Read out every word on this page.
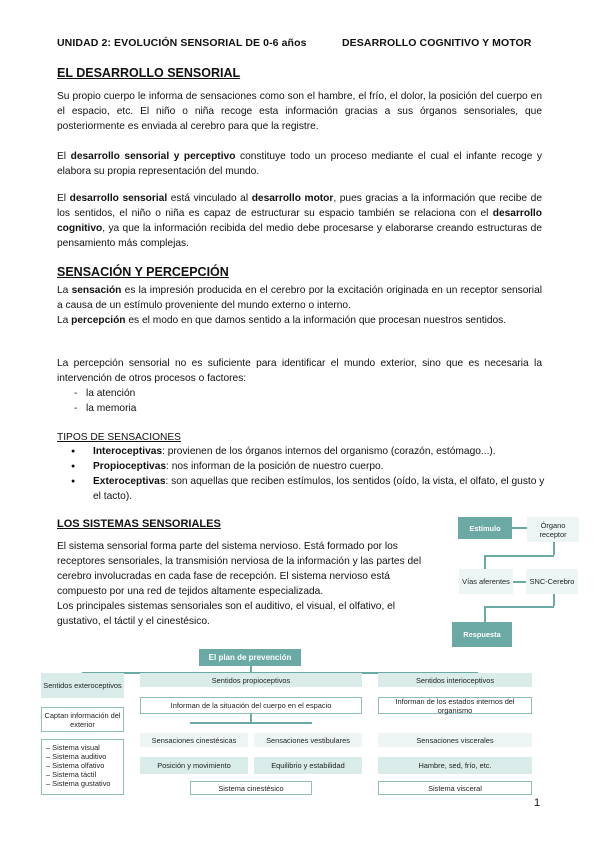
UNIDAD 2: EVOLUCIÓN SENSORIAL DE 0-6 años	DESARROLLO COGNITIVO Y MOTOR
EL DESARROLLO SENSORIAL
Su propio cuerpo le informa de sensaciones como son el hambre, el frío, el dolor, la posición del cuerpo en el espacio, etc. El niño o niña recoge esta información gracias a sus órganos sensoriales, que posteriormente es enviada al cerebro para que la registre.
El desarrollo sensorial y perceptivo constituye todo un proceso mediante el cual el infante recoge y elabora su propia representación del mundo.
El desarrollo sensorial está vinculado al desarrollo motor, pues gracias a la información que recibe de los sentidos, el niño o niña es capaz de estructurar su espacio también se relaciona con el desarrollo cognitivo, ya que la información recibida del medio debe procesarse y elaborarse creando estructuras de pensamiento más complejas.
SENSACIÓN Y PERCEPCIÓN
La sensación es la impresión producida en el cerebro por la excitación originada en un receptor sensorial a causa de un estímulo proveniente del mundo externo o interno.
La percepción es el modo en que damos sentido a la información que procesan nuestros sentidos.
La percepción sensorial no es suficiente para identificar el mundo exterior, sino que es necesaria la intervención de otros procesos o factores:
- la atención
- la memoria
TIPOS DE SENSACIONES
● Interoceptivas: provienen de los órganos internos del organismo (corazón, estómago...).
● Propioceptivas: nos informan de la posición de nuestro cuerpo.
● Exteroceptivas: son aquellas que reciben estímulos, los sentidos (oído, la vista, el olfato, el gusto y el tacto).
LOS SISTEMAS SENSORIALES
El sistema sensorial forma parte del sistema nervioso. Está formado por los receptores sensoriales, la transmisión nerviosa de la información y las partes del cerebro involucradas en cada fase de recepción. El sistema nervioso está compuesto por una red de tejidos altamente especializada.
Los principales sistemas sensoriales son el auditivo, el visual, el olfativo, el gustativo, el táctil y el cinestésico.
Estímulo	Órgano receptor
Vías aferentes	SNC-Cerebro
Respuesta
El plan de prevención
Sentidos exteroceptivos
Captan información del exterior
– Sistema visual
– Sistema auditivo
– Sistema olfativo
– Sistema táctil
– Sistema gustativo
Sentidos propioceptivos
Informan de la situación del cuerpo en el espacio
Sensaciones cinestésicas	Sensaciones vestibulares
Posición y movimiento	Equilibrio y estabilidad
Sistema cinestésico
Sentidos interioceptivos
Informan de los estados internos del organismo
Sensaciones viscerales
Hambre, sed, frío, etc.
Sistema visceral
1
